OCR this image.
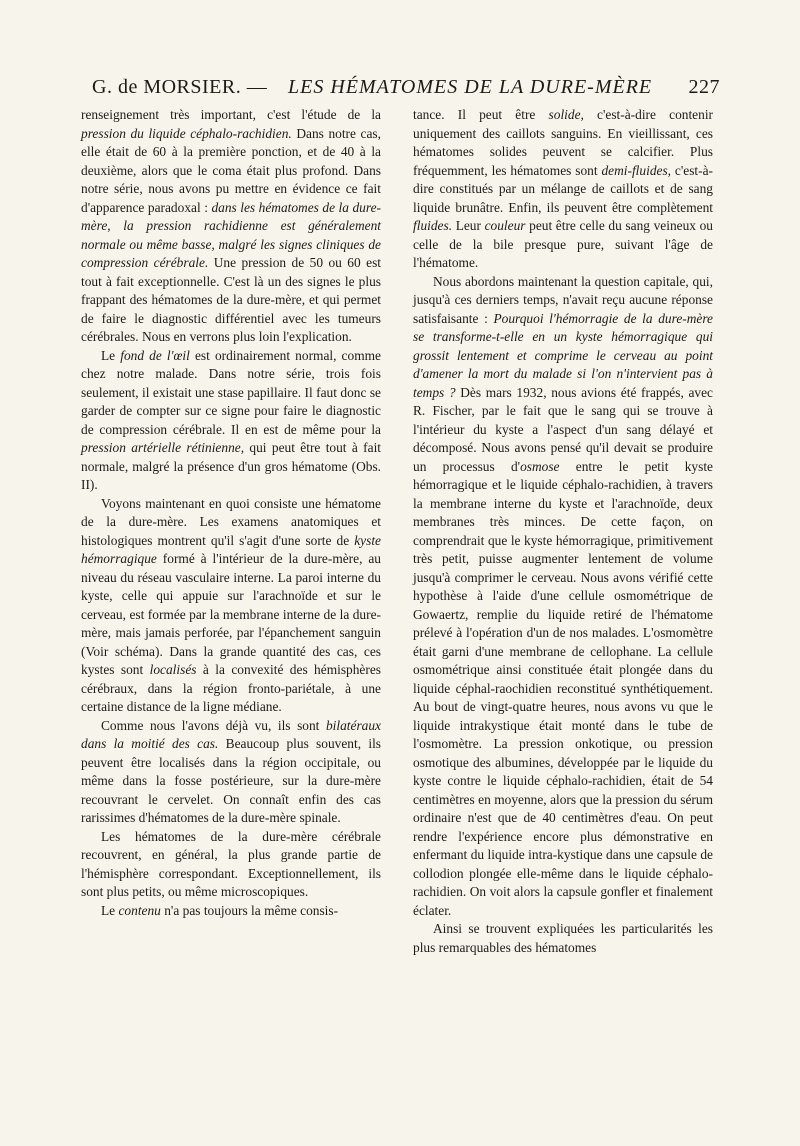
G. de MORSIER. — LES HÉMATOMES DE LA DURE-MÈRE 227

renseignement très important, c'est l'étude de la pression du liquide céphalo-rachidien. Dans notre cas, elle était de 60 à la première ponction, et de 40 à la deuxième, alors que le coma était plus profond. Dans notre série, nous avons pu mettre en évidence ce fait d'apparence paradoxal : dans les hématomes de la dure-mère, la pression rachidienne est généralement normale ou même basse, malgré les signes cliniques de compression cérébrale. Une pression de 50 ou 60 est tout à fait exceptionnelle. C'est là un des signes le plus frappant des hématomes de la dure-mère, et qui permet de faire le diagnostic différentiel avec les tumeurs cérébrales. Nous en verrons plus loin l'explication.

Le fond de l'œil est ordinairement normal, comme chez notre malade. Dans notre série, trois fois seulement, il existait une stase papillaire. Il faut donc se garder de compter sur ce signe pour faire le diagnostic de compression cérébrale. Il en est de même pour la pression artérielle rétinienne, qui peut être tout à fait normale, malgré la présence d'un gros hématome (Obs. II).

Voyons maintenant en quoi consiste une hématome de la dure-mère. Les examens anatomiques et histologiques montrent qu'il s'agit d'une sorte de kyste hémorragique formé à l'intérieur de la dure-mère, au niveau du réseau vasculaire interne. La paroi interne du kyste, celle qui appuie sur l'arachnoïde et sur le cerveau, est formée par la membrane interne de la dure-mère, mais jamais perforée, par l'épanchement sanguin (Voir schéma). Dans la grande quantité des cas, ces kystes sont localisés à la convexité des hémisphères cérébraux, dans la région fronto-pariétale, à une certaine distance de la ligne médiane.

Comme nous l'avons déjà vu, ils sont bilatéraux dans la moitié des cas. Beaucoup plus souvent, ils peuvent être localisés dans la région occipitale, ou même dans la fosse postérieure, sur la dure-mère recouvrant le cervelet. On connaît enfin des cas rarissimes d'hématomes de la dure-mère spinale.

Les hématomes de la dure-mère cérébrale recouvrent, en général, la plus grande partie de l'hémisphère correspondant. Exceptionnellement, ils sont plus petits, ou même microscopiques.

Le contenu n'a pas toujours la même consis-

tance. Il peut être solide, c'est-à-dire contenir uniquement des caillots sanguins. En vieillissant, ces hématomes solides peuvent se calcifier. Plus fréquemment, les hématomes sont demi-fluides, c'est-à-dire constitués par un mélange de caillots et de sang liquide brunâtre. Enfin, ils peuvent être complètement fluides. Leur couleur peut être celle du sang veineux ou celle de la bile presque pure, suivant l'âge de l'hématome.

Nous abordons maintenant la question capitale, qui, jusqu'à ces derniers temps, n'avait reçu aucune réponse satisfaisante : Pourquoi l'hémorragie de la dure-mère se transforme-t-elle en un kyste hémorragique qui grossit lentement et comprime le cerveau au point d'amener la mort du malade si l'on n'intervient pas à temps ? Dès mars 1932, nous avions été frappés, avec R. Fischer, par le fait que le sang qui se trouve à l'intérieur du kyste a l'aspect d'un sang délayé et décomposé. Nous avons pensé qu'il devait se produire un processus d'osmose entre le petit kyste hémorragique et le liquide céphalo-rachidien, à travers la membrane interne du kyste et l'arachnoïde, deux membranes très minces. De cette façon, on comprendrait que le kyste hémorragique, primitivement très petit, puisse augmenter lentement de volume jusqu'à comprimer le cerveau. Nous avons vérifié cette hypothèse à l'aide d'une cellule osmométrique de Gowaertz, remplie du liquide retiré de l'hématome prélevé à l'opération d'un de nos malades. L'osmomètre était garni d'une membrane de cellophane. La cellule osmométrique ainsi constituée était plongée dans du liquide céphal-raochidien reconstitué synthétiquement. Au bout de vingt-quatre heures, nous avons vu que le liquide intrakystique était monté dans le tube de l'osmomètre. La pression onkotique, ou pression osmotique des albumines, développée par le liquide du kyste contre le liquide céphalo-rachidien, était de 54 centimètres en moyenne, alors que la pression du sérum ordinaire n'est que de 40 centimètres d'eau. On peut rendre l'expérience encore plus démonstrative en enfermant du liquide intra-kystique dans une capsule de collodion plongée elle-même dans le liquide céphalo-rachidien. On voit alors la capsule gonfler et finalement éclater.

Ainsi se trouvent expliquées les particularités les plus remarquables des hématomes
